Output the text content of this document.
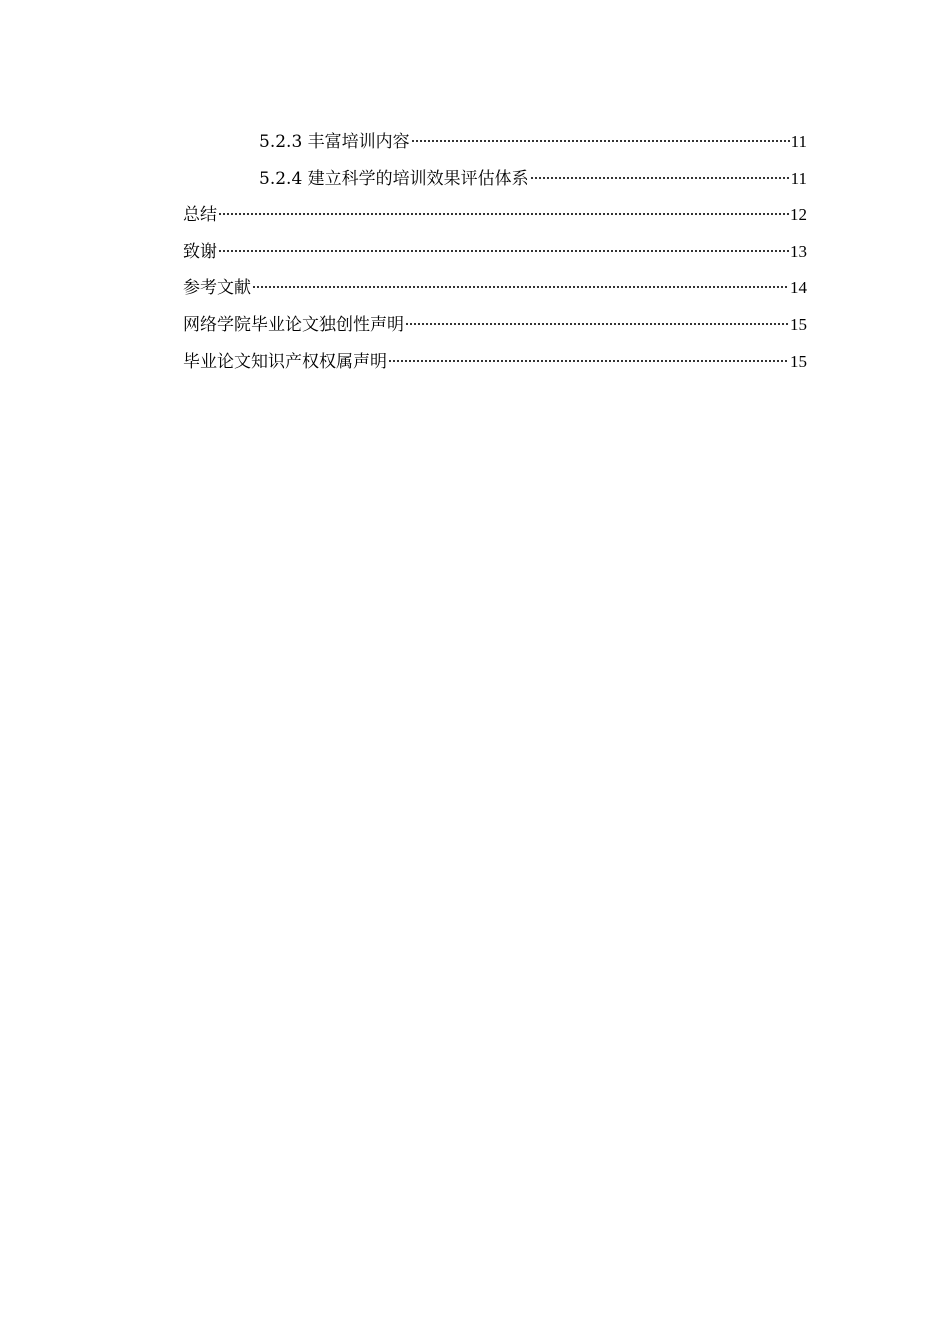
5.2.3 丰富培训内容	11
5.2.4 建立科学的培训效果评估体系	11
总结	12
致谢	13
参考文献	14
网络学院毕业论文独创性声明	15
毕业论文知识产权权属声明	15
